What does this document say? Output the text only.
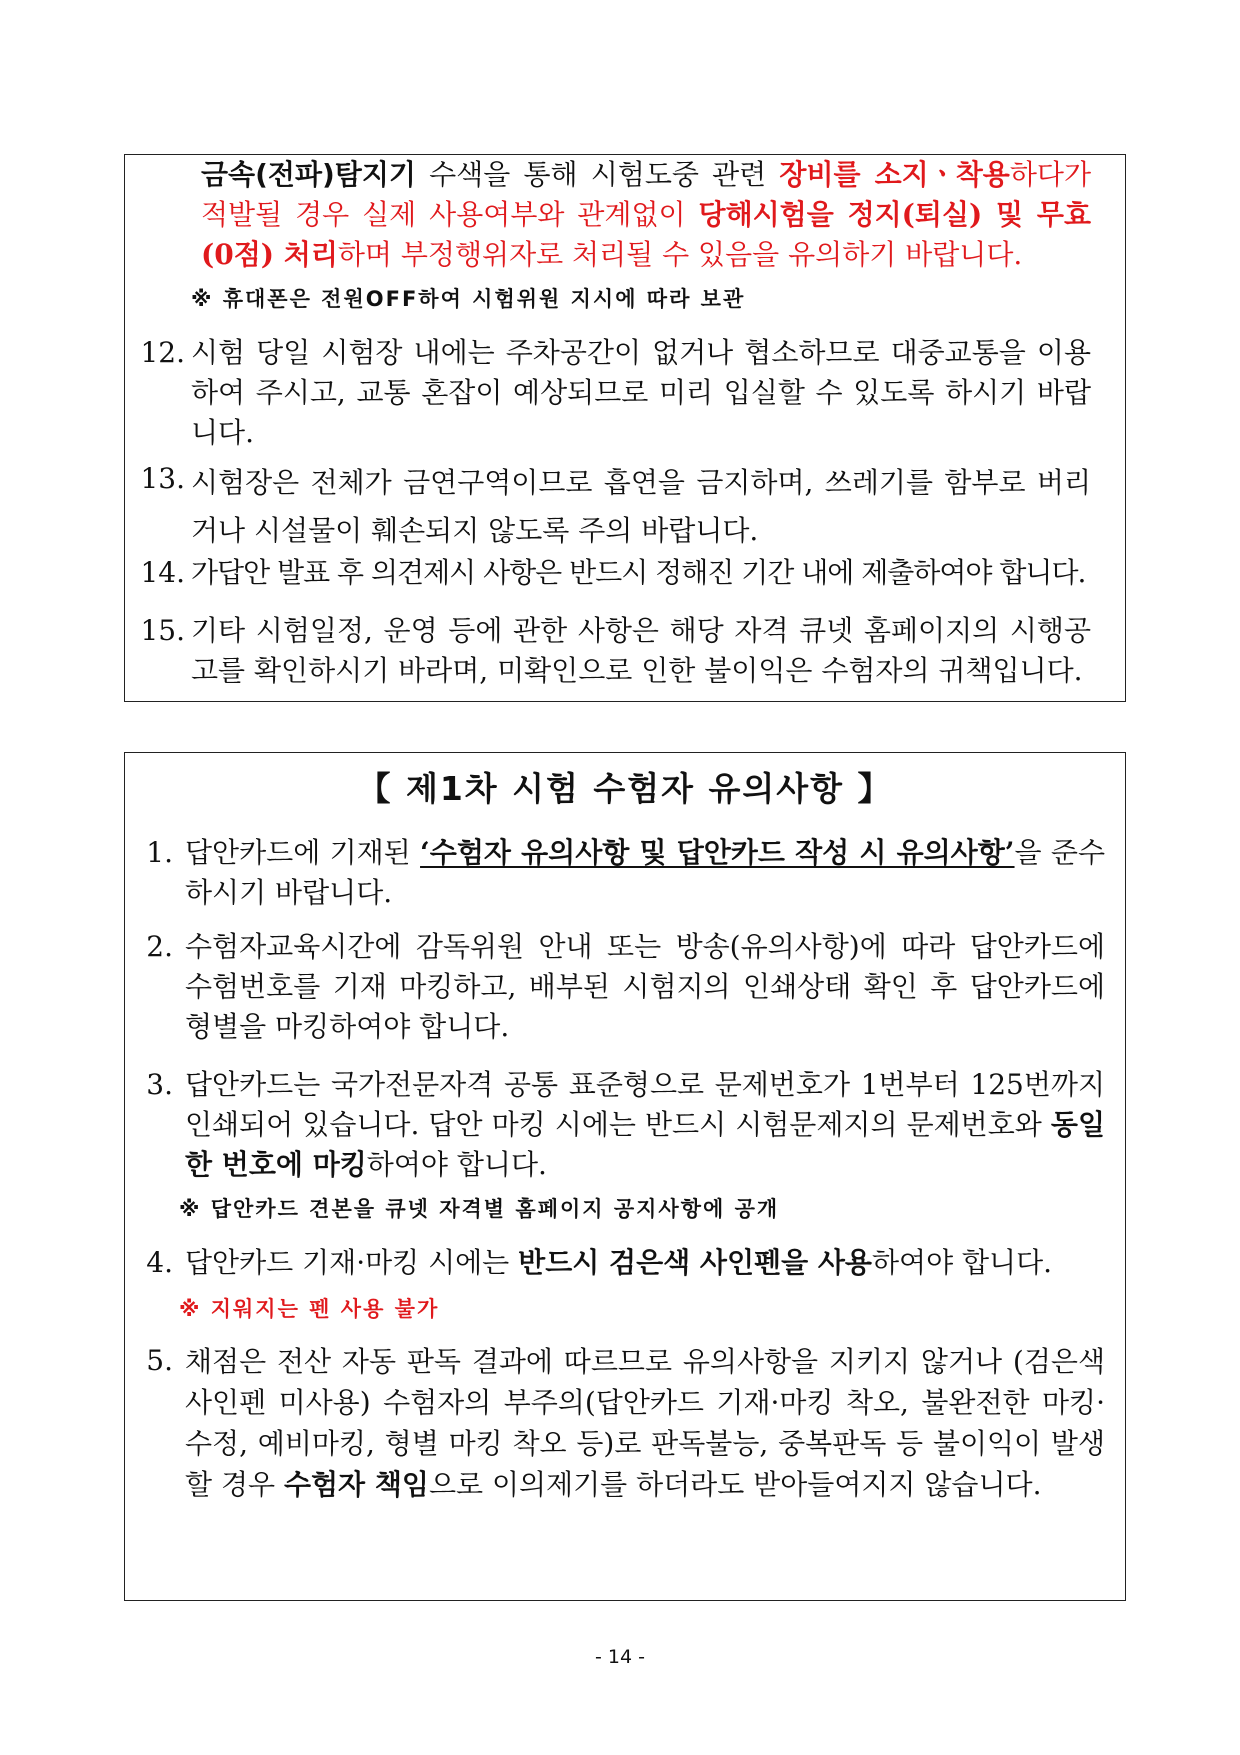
금속(전파)탐지기 수색을 통해 시험도중 관련 장비를 소지ㆍ착용하다가 적발될 경우 실제 사용여부와 관계없이 당해시험을 정지(퇴실) 및 무효(0점) 처리하며 부정행위자로 처리될 수 있음을 유의하기 바랍니다.
※ 휴대폰은 전원OFF하여 시험위원 지시에 따라 보관
12. 시험 당일 시험장 내에는 주차공간이 없거나 협소하므로 대중교통을 이용하여 주시고, 교통 혼잡이 예상되므로 미리 입실할 수 있도록 하시기 바랍니다.
13. 시험장은 전체가 금연구역이므로 흡연을 금지하며, 쓰레기를 함부로 버리거나 시설물이 훼손되지 않도록 주의 바랍니다.
14. 가답안 발표 후 의견제시 사항은 반드시 정해진 기간 내에 제출하여야 합니다.
15. 기타 시험일정, 운영 등에 관한 사항은 해당 자격 큐넷 홈페이지의 시행공고를 확인하시기 바라며, 미확인으로 인한 불이익은 수험자의 귀책입니다.
【 제1차 시험 수험자 유의사항 】
1. 답안카드에 기재된 ‘수험자 유의사항 및 답안카드 작성 시 유의사항’을 준수하시기 바랍니다.
2. 수험자교육시간에 감독위원 안내 또는 방송(유의사항)에 따라 답안카드에 수험번호를 기재 마킹하고, 배부된 시험지의 인쇄상태 확인 후 답안카드에 형별을 마킹하여야 합니다.
3. 답안카드는 국가전문자격 공통 표준형으로 문제번호가 1번부터 125번까지 인쇄되어 있습니다. 답안 마킹 시에는 반드시 시험문제지의 문제번호와 동일한 번호에 마킹하여야 합니다.
※ 답안카드 견본을 큐넷 자격별 홈페이지 공지사항에 공개
4. 답안카드 기재·마킹 시에는 반드시 검은색 사인펜을 사용하여야 합니다.
※ 지워지는 펜 사용 불가
5. 채점은 전산 자동 판독 결과에 따르므로 유의사항을 지키지 않거나 (검은색 사인펜 미사용) 수험자의 부주의(답안카드 기재·마킹 착오, 불완전한 마킹·수정, 예비마킹, 형별 마킹 착오 등)로 판독불능, 중복판독 등 불이익이 발생할 경우 수험자 책임으로 이의제기를 하더라도 받아들여지지 않습니다.
- 14 -
